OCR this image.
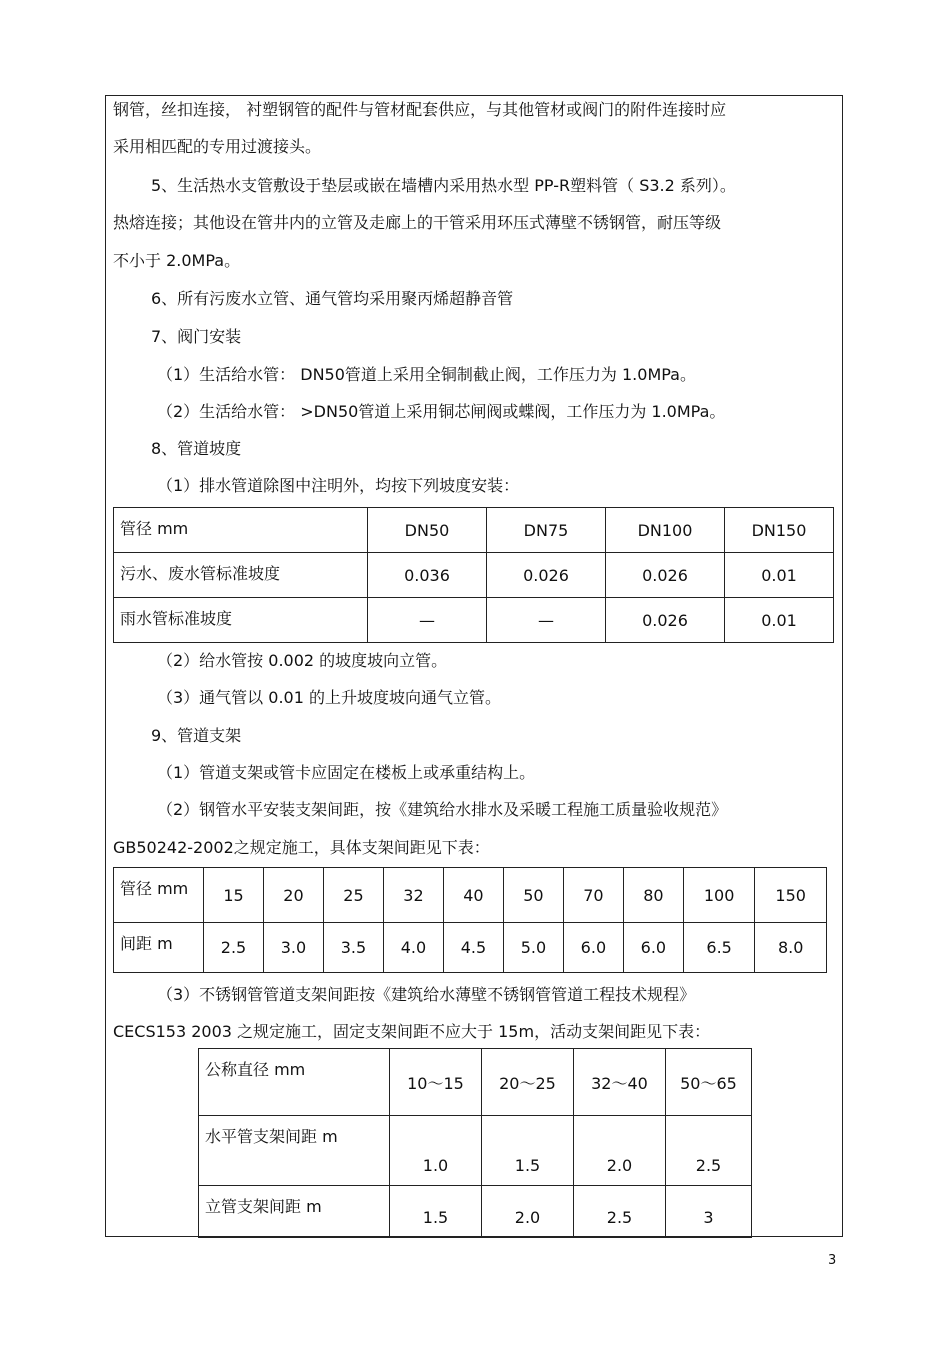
钢管，丝扣连接， 衬塑钢管的配件与管材配套供应，与其他管材或阀门的附件连接时应
采用相匹配的专用过渡接头。
5、生活热水支管敷设于垫层或嵌在墙槽内采用热水型 PP-R塑料管（ S3.2 系列）。
热熔连接；其他设在管井内的立管及走廊上的干管采用环压式薄壁不锈钢管，耐压等级
不小于 2.0MPa。
6、所有污废水立管、通气管均采用聚丙烯超静音管
7、阀门安装
（1）生活给水管： DN50管道上采用全铜制截止阀，工作压力为 1.0MPa。
（2）生活给水管： >DN50管道上采用铜芯闸阀或蝶阀，工作压力为 1.0MPa。
8、管道坡度
（1）排水管道除图中注明外，均按下列坡度安装：
管径 mm	DN50	DN75	DN100	DN150
污水、废水管标准坡度	0.036	0.026	0.026	0.01
雨水管标准坡度	—	—	0.026	0.01
（2）给水管按 0.002 的坡度坡向立管。
（3）通气管以 0.01 的上升坡度坡向通气立管。
9、管道支架
（1）管道支架或管卡应固定在楼板上或承重结构上。
（2）钢管水平安装支架间距，按《建筑给水排水及采暖工程施工质量验收规范》
GB50242-2002之规定施工，具体支架间距见下表：
管径 mm	15	20	25	32	40	50	70	80	100	150
间距 m	2.5	3.0	3.5	4.0	4.5	5.0	6.0	6.0	6.5	8.0
（3）不锈钢管管道支架间距按《建筑给水薄壁不锈钢管管道工程技术规程》
CECS153 2003 之规定施工，固定支架间距不应大于 15m，活动支架间距见下表：
公称直径 mm	10～15	20～25	32～40	50～65
水平管支架间距 m	1.0	1.5	2.0	2.5
立管支架间距 m	1.5	2.0	2.5	3
3
